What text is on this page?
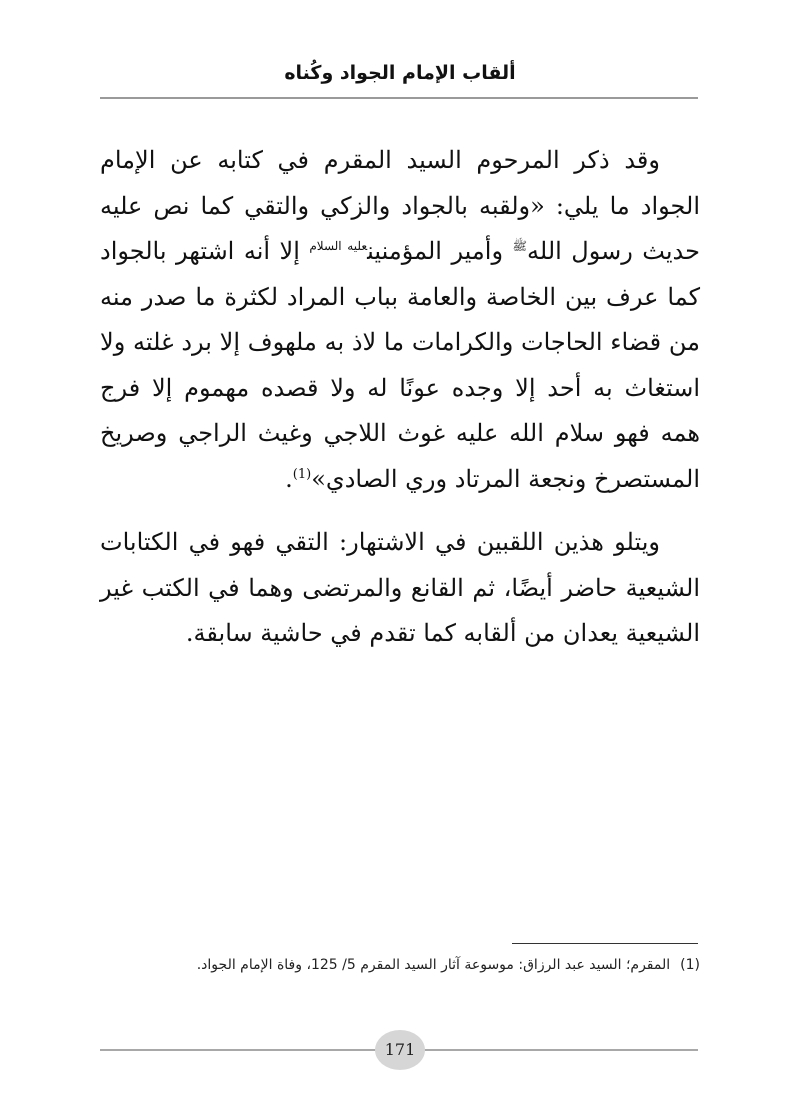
ألقاب الإمام الجواد وكُناه

وقد ذكر المرحوم السيد المقرم في كتابه عن الإمام الجواد ما يلي: «ولقبه بالجواد والزكي والتقي كما نص عليه حديث رسول الله$^ﷺ$ وأمير المؤمنين$^{عليه السلام}$ إلا أنه اشتهر بالجواد كما عرف بين الخاصة والعامة بباب المراد لكثرة ما صدر منه من قضاء الحاجات والكرامات ما لاذ به ملهوف إلا برد غلته ولا استغاث به أحد إلا وجده عونًا له ولا قصده مهموم إلا فرج همه فهو سلام الله عليه غوث اللاجي وغيث الراجي وصريخ المستصرخ ونجعة المرتاد وري الصادي»$^{(1)}$.

ويتلو هذين اللقبين في الاشتهار: التقي فهو في الكتابات الشيعية حاضر أيضًا، ثم القانع والمرتضى وهما في الكتب غير الشيعية يعدان من ألقابه كما تقدم في حاشية سابقة.

(1)المقرم؛ السيد عبد الرزاق: موسوعة آثار السيد المقرم 5/ 125، وفاة الإمام الجواد.
171
